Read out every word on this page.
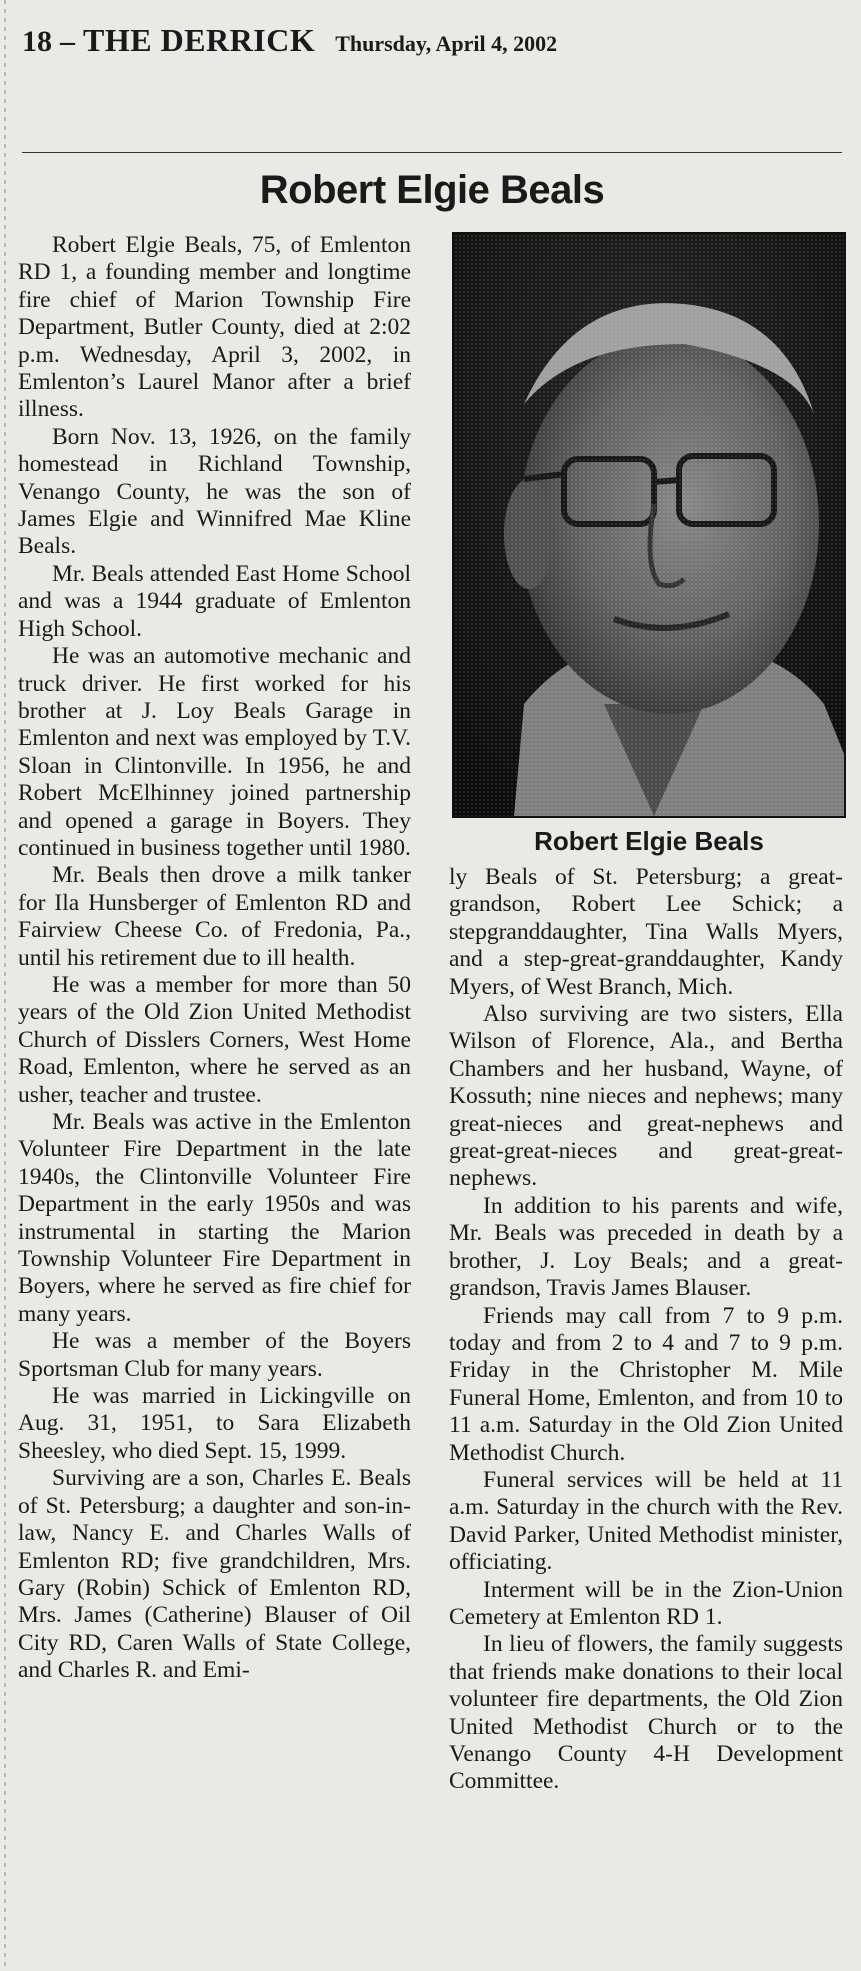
18 – THE DERRICK Thursday, April 4, 2002
Robert Elgie Beals

Robert Elgie Beals, 75, of Emlenton RD 1, a founding member and longtime fire chief of Marion Township Fire Department, Butler County, died at 2:02 p.m. Wednesday, April 3, 2002, in Emlenton’s Laurel Manor after a brief illness.

Born Nov. 13, 1926, on the family homestead in Richland Township, Venango County, he was the son of James Elgie and Winnifred Mae Kline Beals.

Mr. Beals attended East Home School and was a 1944 graduate of Emlenton High School.

He was an automotive mechanic and truck driver. He first worked for his brother at J. Loy Beals Garage in Emlenton and next was employed by T.V. Sloan in Clintonville. In 1956, he and Robert McElhinney joined partnership and opened a garage in Boyers. They continued in business together until 1980.

Mr. Beals then drove a milk tanker for Ila Hunsberger of Emlenton RD and Fairview Cheese Co. of Fredonia, Pa., until his retirement due to ill health.

He was a member for more than 50 years of the Old Zion United Methodist Church of Disslers Corners, West Home Road, Emlenton, where he served as an usher, teacher and trustee.

Mr. Beals was active in the Emlenton Volunteer Fire Department in the late 1940s, the Clintonville Volunteer Fire Department in the early 1950s and was instrumental in starting the Marion Township Volunteer Fire Department in Boyers, where he served as fire chief for many years.

He was a member of the Boyers Sportsman Club for many years.

He was married in Lickingville on Aug. 31, 1951, to Sara Elizabeth Sheesley, who died Sept. 15, 1999.

Surviving are a son, Charles E. Beals of St. Petersburg; a daughter and son-in-law, Nancy E. and Charles Walls of Emlenton RD; five grandchildren, Mrs. Gary (Robin) Schick of Emlenton RD, Mrs. James (Catherine) Blauser of Oil City RD, Caren Walls of State College, and Charles R. and Emi-

Robert Elgie Beals

ly Beals of St. Petersburg; a great-grandson, Robert Lee Schick; a stepgranddaughter, Tina Walls Myers, and a step-great-granddaughter, Kandy Myers, of West Branch, Mich.

Also surviving are two sisters, Ella Wilson of Florence, Ala., and Bertha Chambers and her husband, Wayne, of Kossuth; nine nieces and nephews; many great-nieces and great-nephews and great-great-nieces and great-great-nephews.

In addition to his parents and wife, Mr. Beals was preceded in death by a brother, J. Loy Beals; and a great-grandson, Travis James Blauser.

Friends may call from 7 to 9 p.m. today and from 2 to 4 and 7 to 9 p.m. Friday in the Christopher M. Mile Funeral Home, Emlenton, and from 10 to 11 a.m. Saturday in the Old Zion United Methodist Church.

Funeral services will be held at 11 a.m. Saturday in the church with the Rev. David Parker, United Methodist minister, officiating.

Interment will be in the Zion-Union Cemetery at Emlenton RD 1.

In lieu of flowers, the family suggests that friends make donations to their local volunteer fire departments, the Old Zion United Methodist Church or to the Venango County 4-H Development Committee.
